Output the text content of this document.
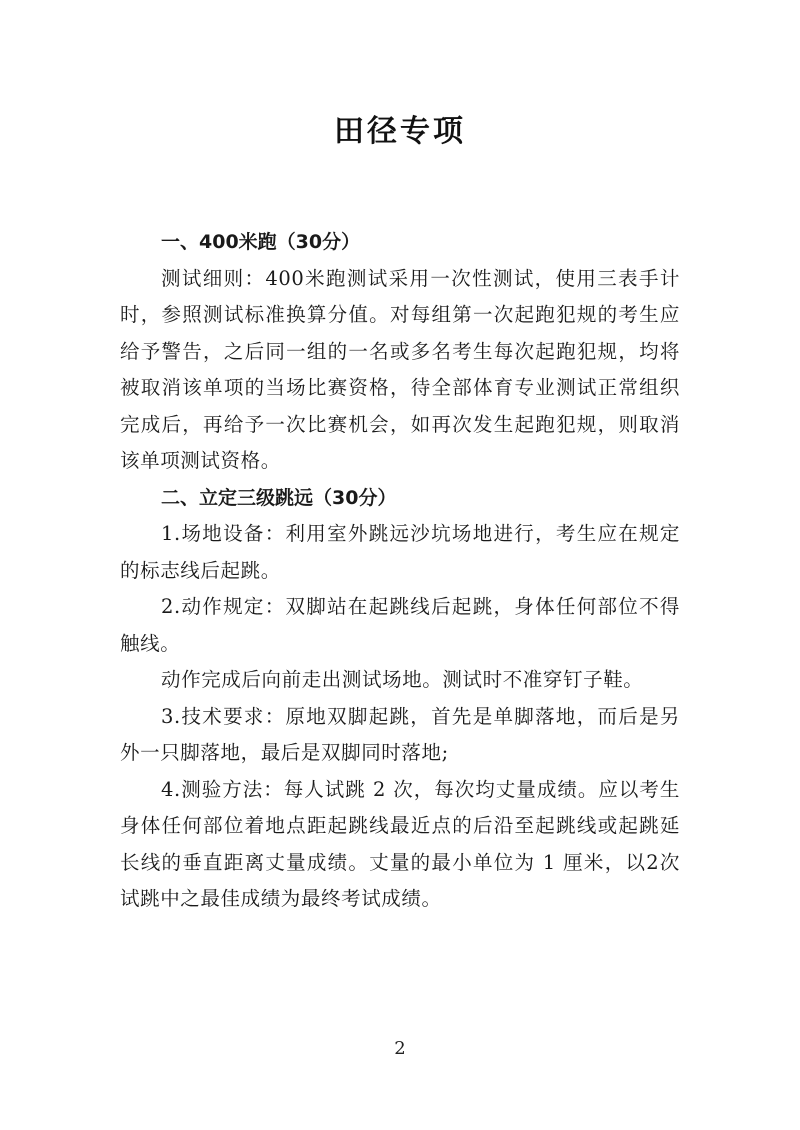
田径专项

一、400米跑（30分）

测试细则：400米跑测试采用一次性测试，使用三表手计时，参照测试标准换算分值。对每组第一次起跑犯规的考生应给予警告，之后同一组的一名或多名考生每次起跑犯规，均将被取消该单项的当场比赛资格，待全部体育专业测试正常组织完成后，再给予一次比赛机会，如再次发生起跑犯规，则取消该单项测试资格。

二、立定三级跳远（30分）

1.场地设备：利用室外跳远沙坑场地进行，考生应在规定的标志线后起跳。

2.动作规定：双脚站在起跳线后起跳，身体任何部位不得触线。

动作完成后向前走出测试场地。测试时不准穿钉子鞋。

3.技术要求：原地双脚起跳，首先是单脚落地，而后是另外一只脚落地，最后是双脚同时落地;

4.测验方法：每人试跳 2 次，每次均丈量成绩。应以考生身体任何部位着地点距起跳线最近点的后沿至起跳线或起跳延长线的垂直距离丈量成绩。丈量的最小单位为 1 厘米，以2次试跳中之最佳成绩为最终考试成绩。

2
